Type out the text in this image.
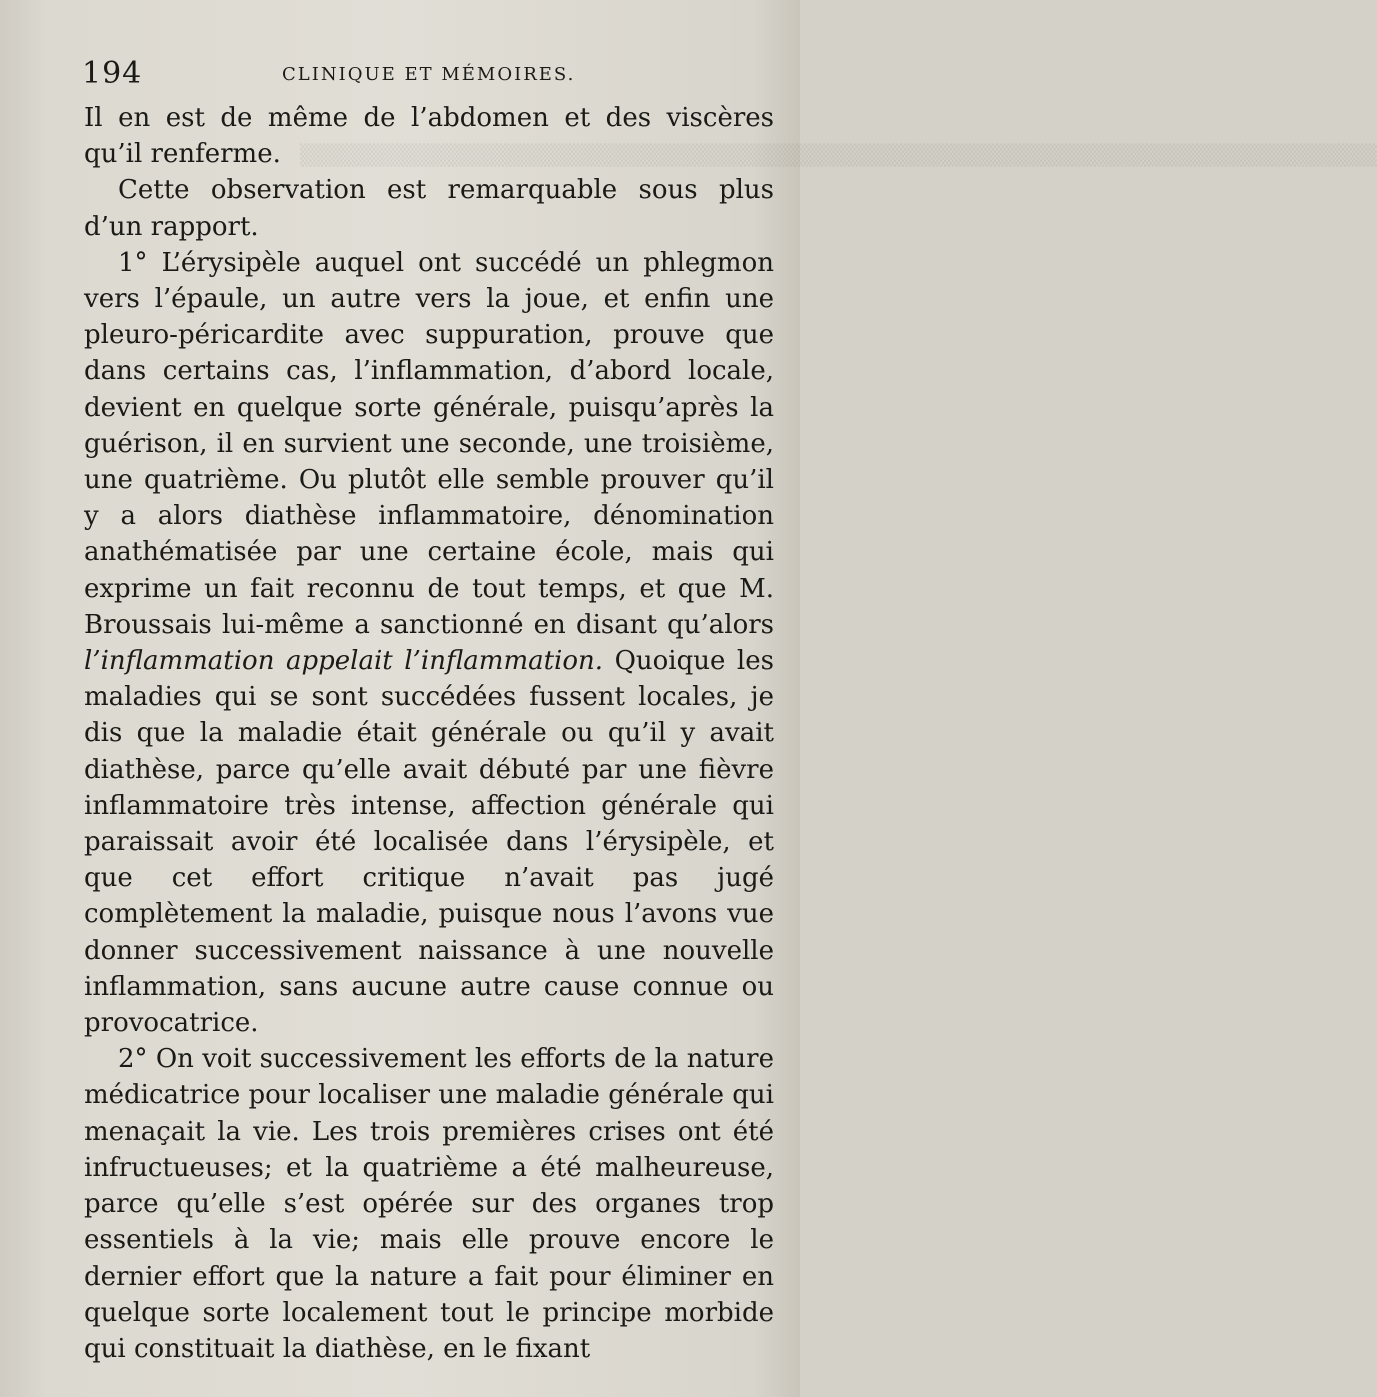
▒▒▒▒▒▒▒▒▒▒▒▒▒▒▒▒▒▒▒▒▒▒▒▒▒▒▒▒▒▒▒▒▒▒▒▒▒▒▒▒▒▒▒▒▒▒▒▒▒▒▒▒▒▒▒▒▒▒▒▒▒▒▒▒▒▒▒▒▒▒
194	CLINIQUE ET MÉMOIRES.

Il en est de même de l’abdomen et des viscères qu’il renferme.

Cette observation est remarquable sous plus d’un rapport.

1° L’érysipèle auquel ont succédé un phlegmon vers l’épaule, un autre vers la joue, et enfin une pleuro-péricardite avec suppuration, prouve que dans certains cas, l’inflammation, d’abord locale, devient en quelque sorte générale, puisqu’après la guérison, il en survient une seconde, une troisième, une quatrième. Ou plutôt elle semble prouver qu’il y a alors diathèse inflammatoire, dénomination anathématisée par une certaine école, mais qui exprime un fait reconnu de tout temps, et que M. Broussais lui-même a sanctionné en disant qu’alors l’inflammation appelait l’inflammation. Quoique les maladies qui se sont succédées fussent locales, je dis que la maladie était générale ou qu’il y avait diathèse, parce qu’elle avait débuté par une fièvre inflammatoire très intense, affection générale qui paraissait avoir été localisée dans l’érysipèle, et que cet effort critique n’avait pas jugé complètement la maladie, puisque nous l’avons vue donner successivement naissance à une nouvelle inflammation, sans aucune autre cause connue ou provocatrice.

2° On voit successivement les efforts de la nature médicatrice pour localiser une maladie générale qui menaçait la vie. Les trois premières crises ont été infructueuses; et la quatrième a été malheureuse, parce qu’elle s’est opérée sur des organes trop essentiels à la vie; mais elle prouve encore le dernier effort que la nature a fait pour éliminer en quelque sorte localement tout le principe morbide qui constituait la diathèse, en le fixant
